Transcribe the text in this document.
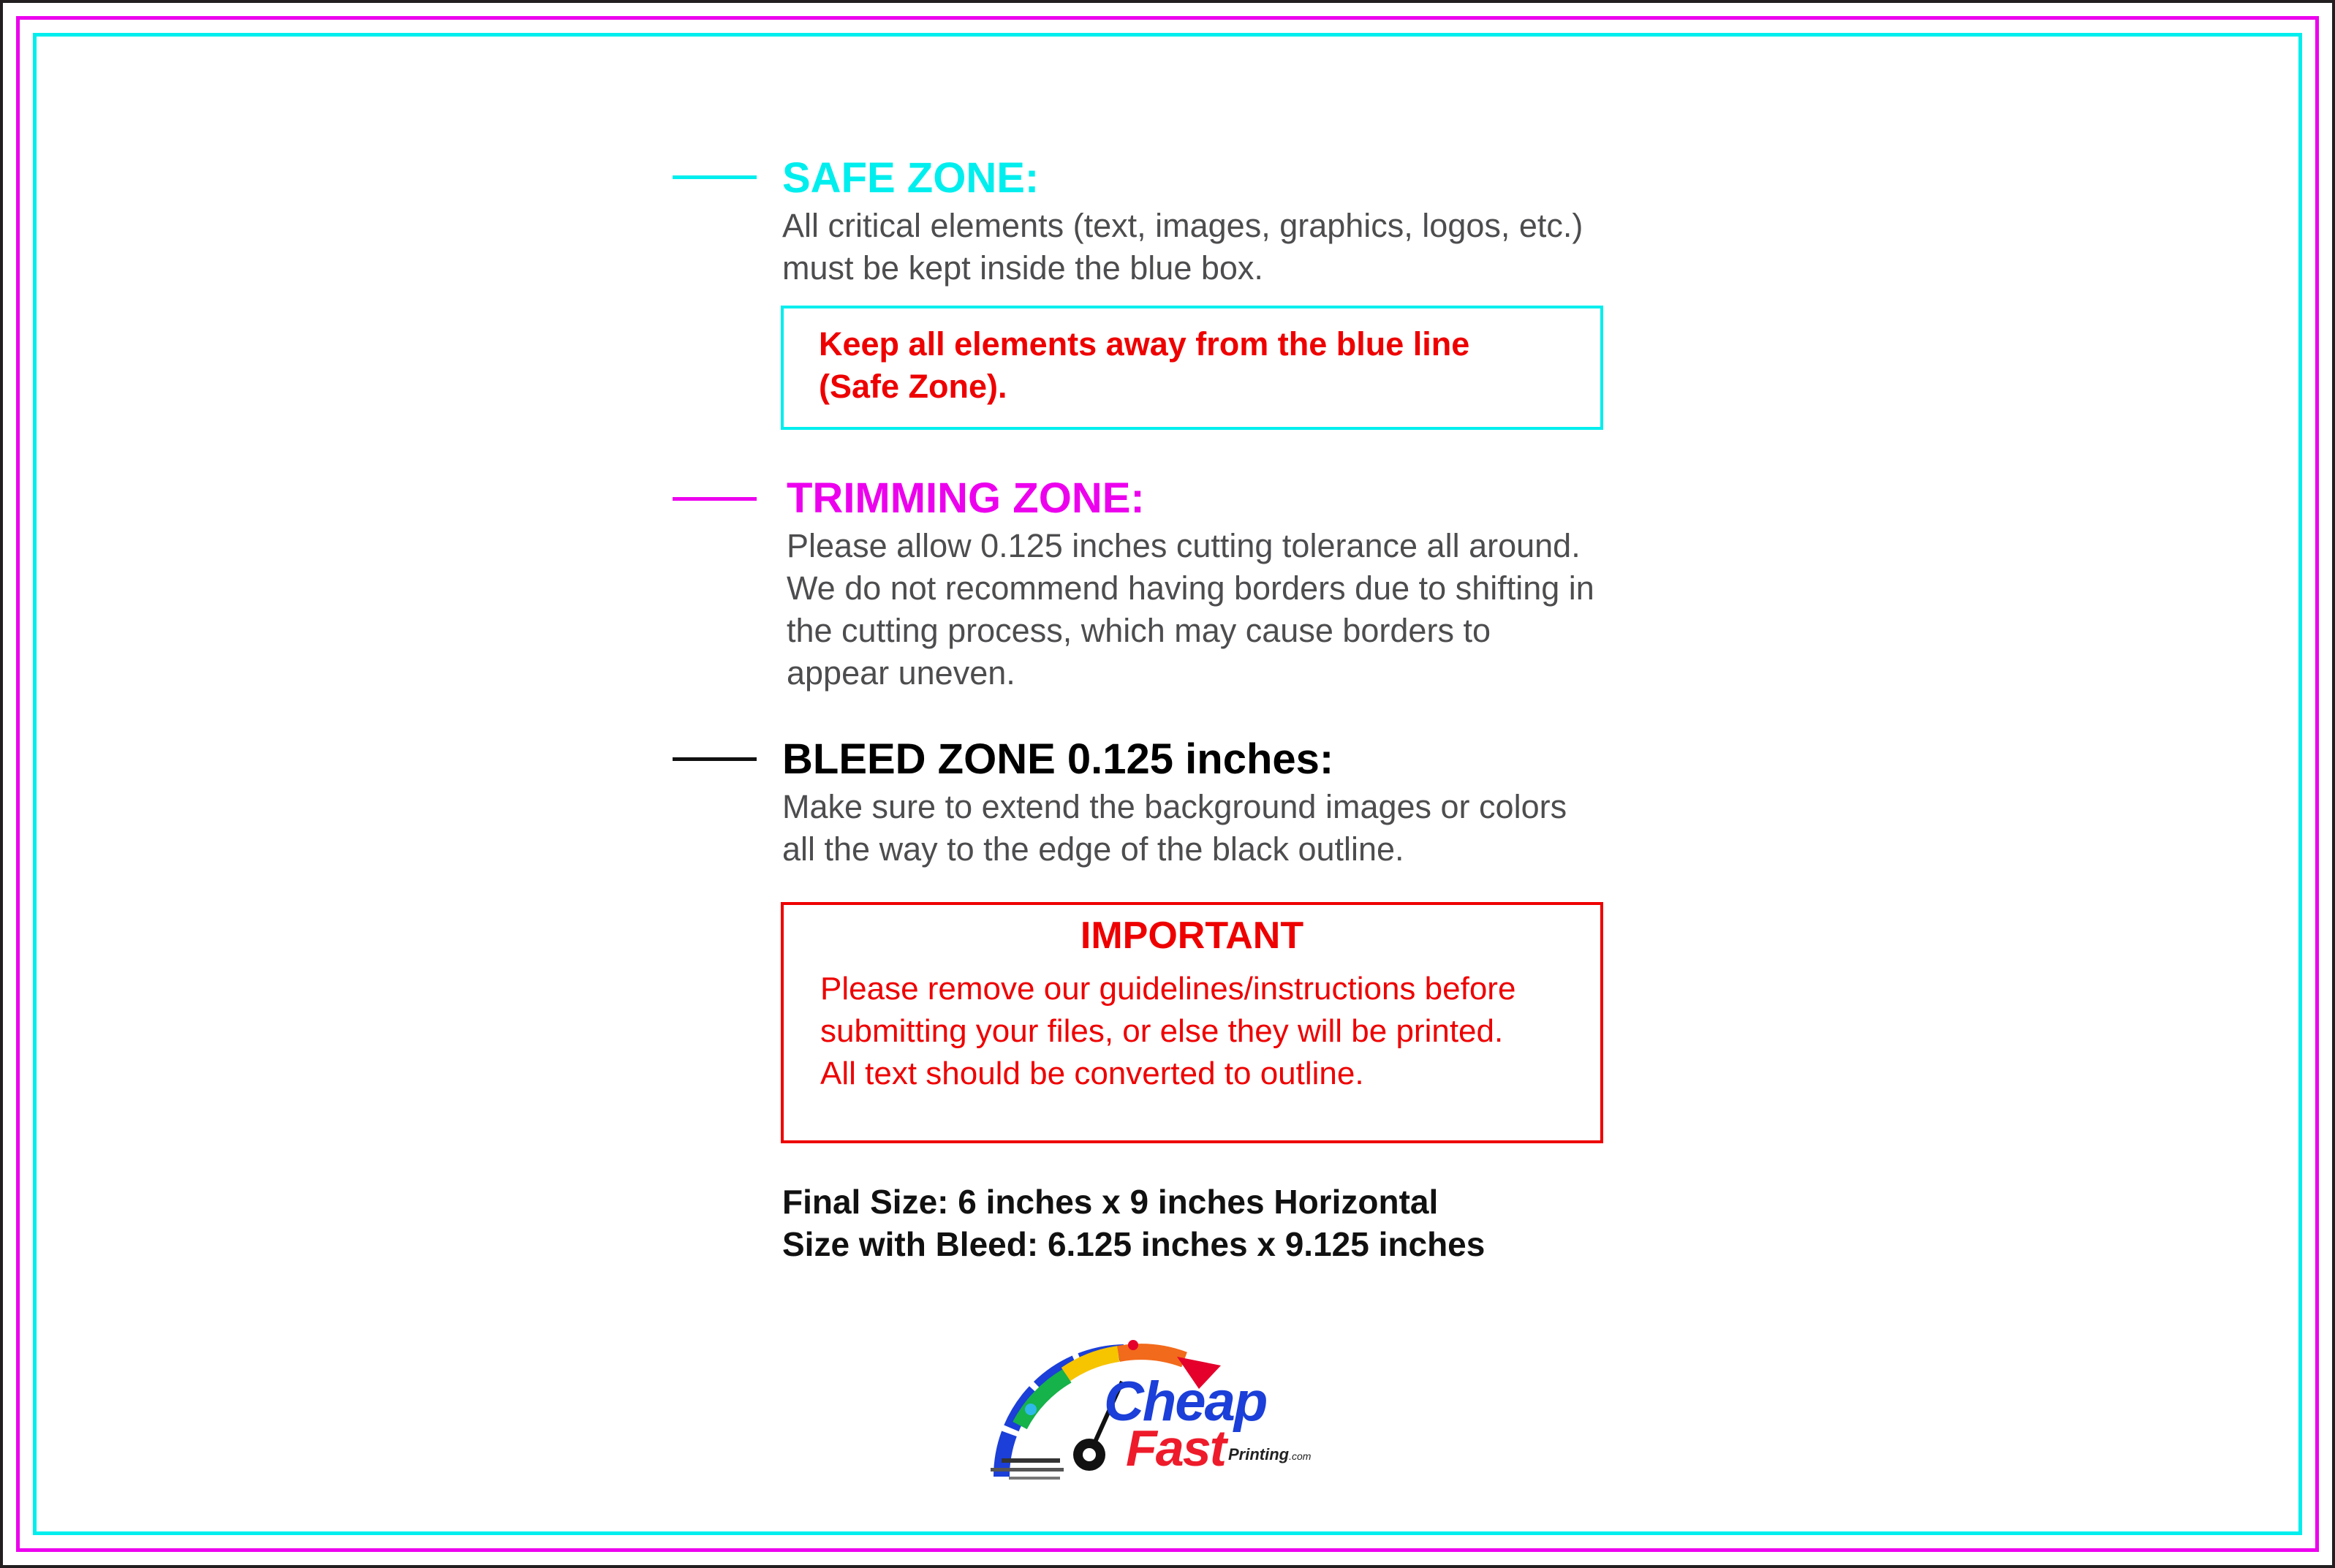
SAFE ZONE:
All critical elements (text, images, graphics, logos, etc.)
must be kept inside the blue box.
Keep all elements away from the blue line
(Safe Zone).
TRIMMING ZONE:
Please allow 0.125 inches cutting tolerance all around.
We do not recommend having borders due to shifting in
the cutting process, which may cause borders to
appear uneven.
BLEED ZONE 0.125 inches:
Make sure to extend the background images or colors
all the way to the edge of the black outline.
IMPORTANT
Please remove our guidelines/instructions before
submitting your files, or else they will be printed.
All text should be converted to outline.
Final Size: 6 inches x 9 inches Horizontal
Size with Bleed: 6.125 inches x 9.125 inches
Cheap
Fast Printing.com
